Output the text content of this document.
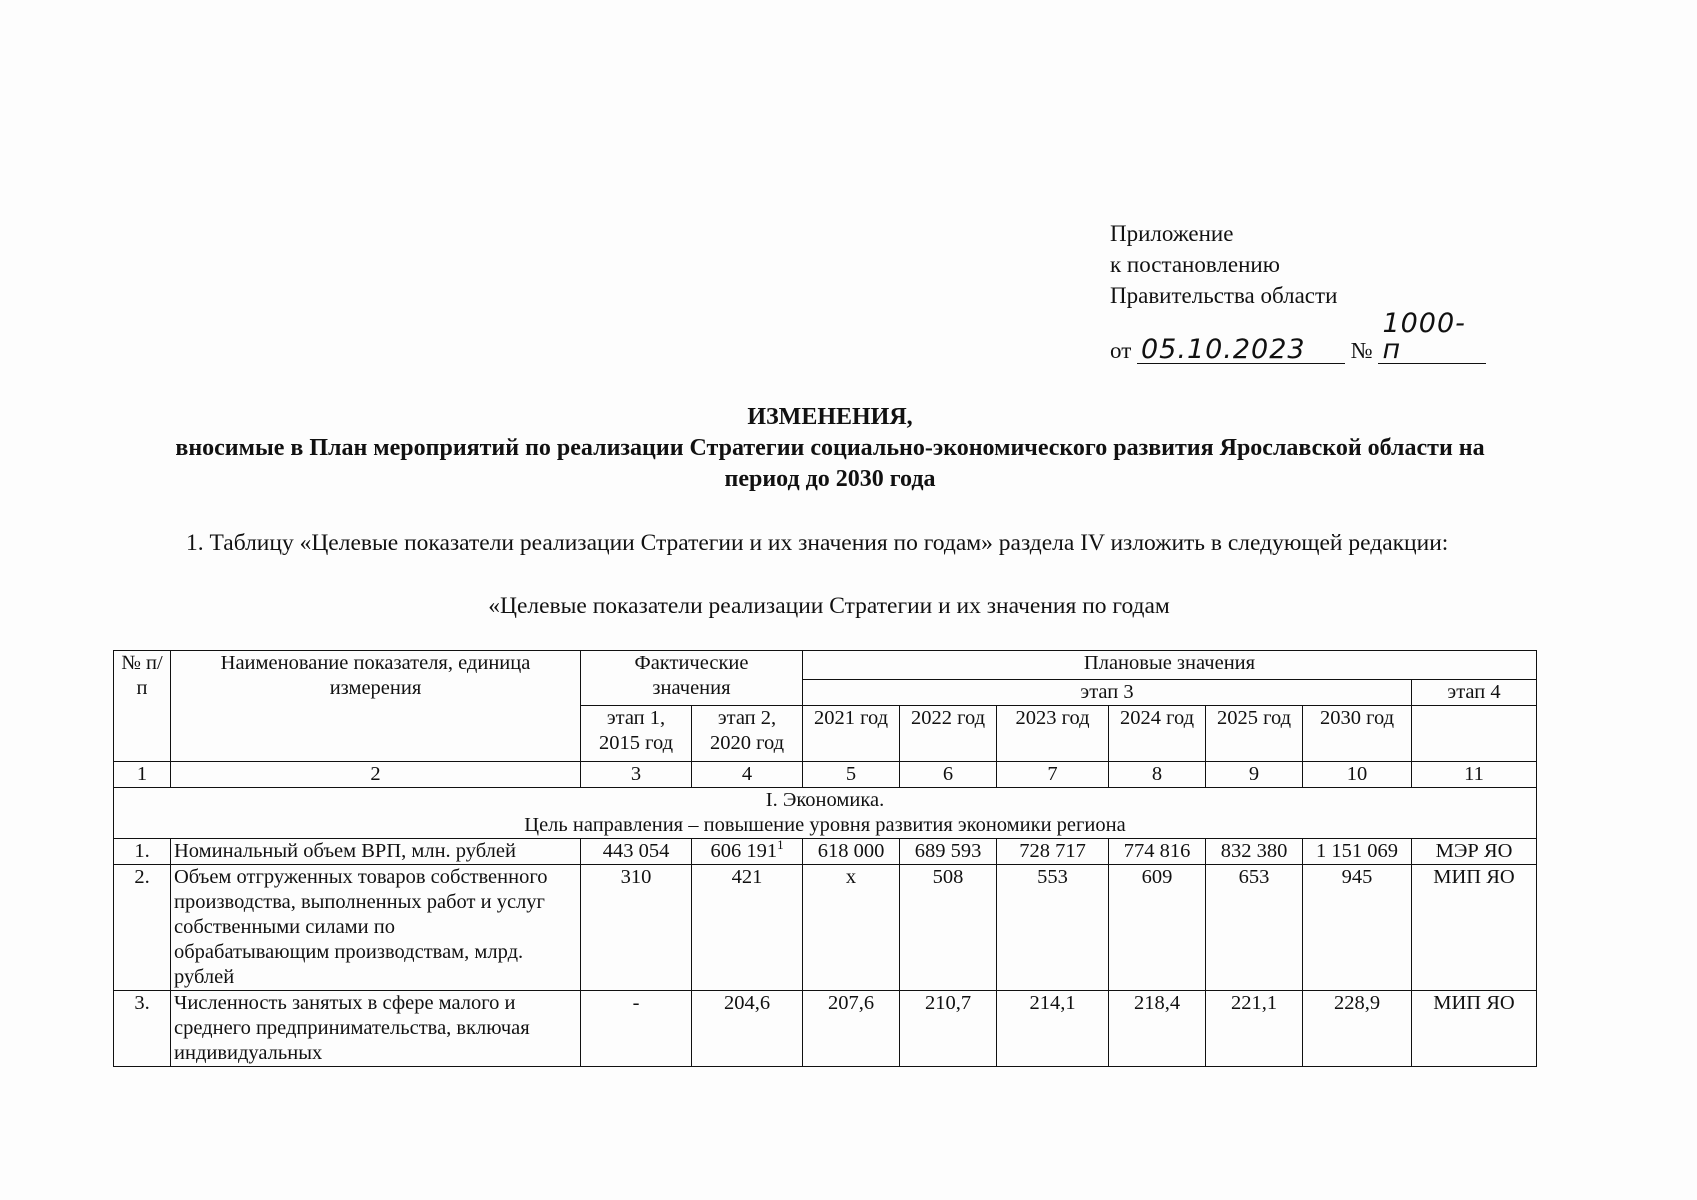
Приложение
к постановлению
Правительства области
от 05.10.2023 № 1000-п
ИЗМЕНЕНИЯ,
вносимые в План мероприятий по реализации Стратегии социально-экономического развития Ярославской области на период до 2030 года
1. Таблицу «Целевые показатели реализации Стратегии и их значения по годам» раздела IV изложить в следующей редакции:
«Целевые показатели реализации Стратегии и их значения по годам
№ п/п	Наименование показателя, единица измерения	Фактические значения		Плановые значения	
				этап 3						этап 4	
		этап 1, 2015 год	этап 2, 2020 год	2021 год	2022 год	2023 год	2024 год	2025 год	2030 год		
1	2	3	4	5	6	7	8	9	10	11	

I. Экономика.
Цель направления – повышение уровня развития экономики региона											

1.	Номинальный объем ВРП, млн. рублей	443 054	606 $191^1$	618 000	689 593	728 717	774 816	832 380	1 151 069	МЭР ЯО	
2.	Объем отгруженных товаров собственного производства, выполненных работ и услуг собственными силами по обрабатывающим производствам, млрд. рублей	310	421	x	508	553	609	653	945	МИП ЯО	
3.	Численность занятых в сфере малого и среднего предпринимательства, включая индивидуальных	-	204,6	207,6	210,7	214,1	218,4	221,1	228,9	МИП ЯО	
